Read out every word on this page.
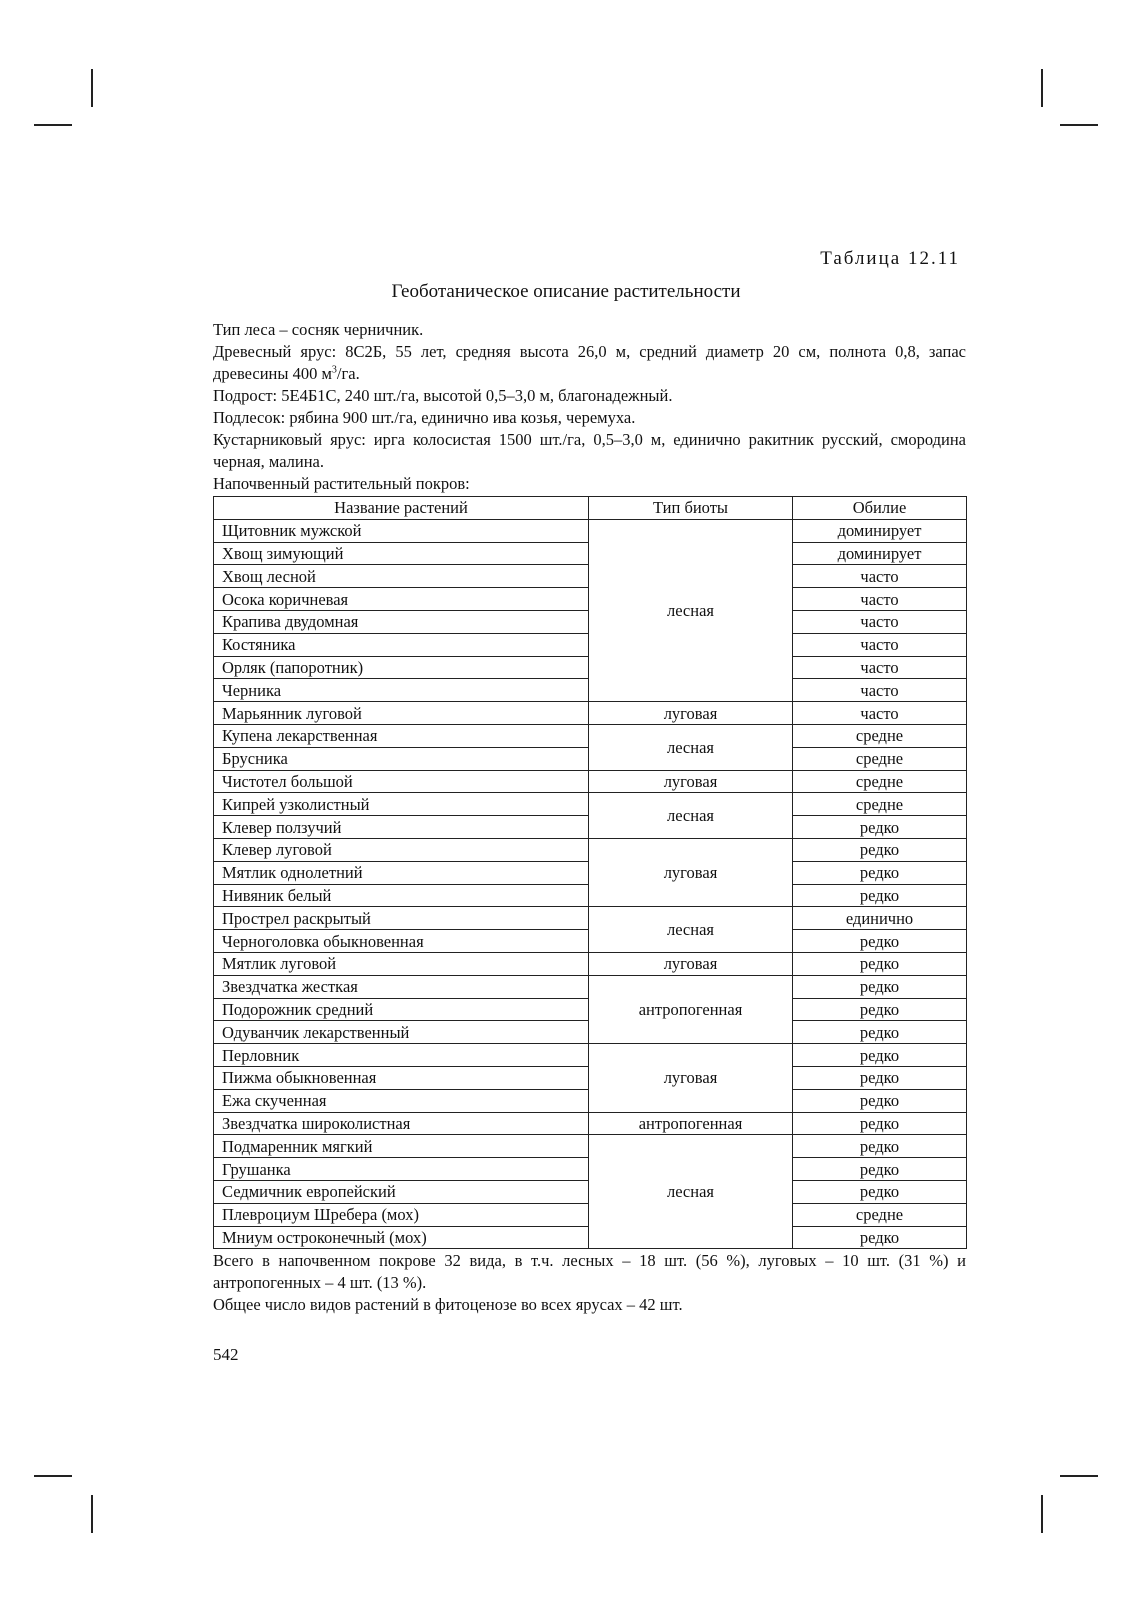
Таблица 12.11
Геоботаническое описание растительности

Тип леса – сосняк черничник.

Древесный ярус: 8С2Б, 55 лет, средняя высота 26,0 м, средний диаметр 20 см, полнота 0,8, запас древесины 400 $м^3/га$.

Подрост: 5Е4Б1С, 240 шт./га, высотой 0,5–3,0 м, благонадежный.

Подлесок: рябина 900 шт./га, единично ива козья, черемуха.

Кустарниковый ярус: ирга колосистая 1500 шт./га, 0,5–3,0 м, единично ракитник русский, смородина черная, малина.

Напочвенный растительный покров:

Название растений	Тип биоты	Обилие
Щитовник мужской	лесная	доминирует
Хвощ зимующий		доминирует
Хвощ лесной		часто
Осока коричневая		часто
Крапива двудомная		часто
Костяника		часто
Орляк (папоротник)		часто
Черника		часто
Марьянник луговой	луговая	часто
Купена лекарственная	лесная	средне
Брусника		средне
Чистотел большой	луговая	средне
Кипрей узколистный	лесная	средне
Клевер ползучий		редко
Клевер луговой	луговая	редко
Мятлик однолетний		редко
Нивяник белый		редко
Прострел раскрытый	лесная	единично
Черноголовка обыкновенная		редко
Мятлик луговой	луговая	редко
Звездчатка жесткая	антропогенная	редко
Подорожник средний		редко
Одуванчик лекарственный		редко
Перловник	луговая	редко
Пижма обыкновенная		редко
Ежа скученная		редко
Звездчатка широколистная	антропогенная	редко
Подмаренник мягкий	лесная	редко
Грушанка		редко
Седмичник европейский		редко
Плевроциум Шребера (мох)		средне
Мниум остроконечный (мох)		редко

Всего в напочвенном покрове 32 вида, в т.ч. лесных – 18 шт. (56 %), луговых – 10 шт. (31 %) и антропогенных – 4 шт. (13 %).

Общее число видов растений в фитоценозе во всех ярусах – 42 шт.

542
